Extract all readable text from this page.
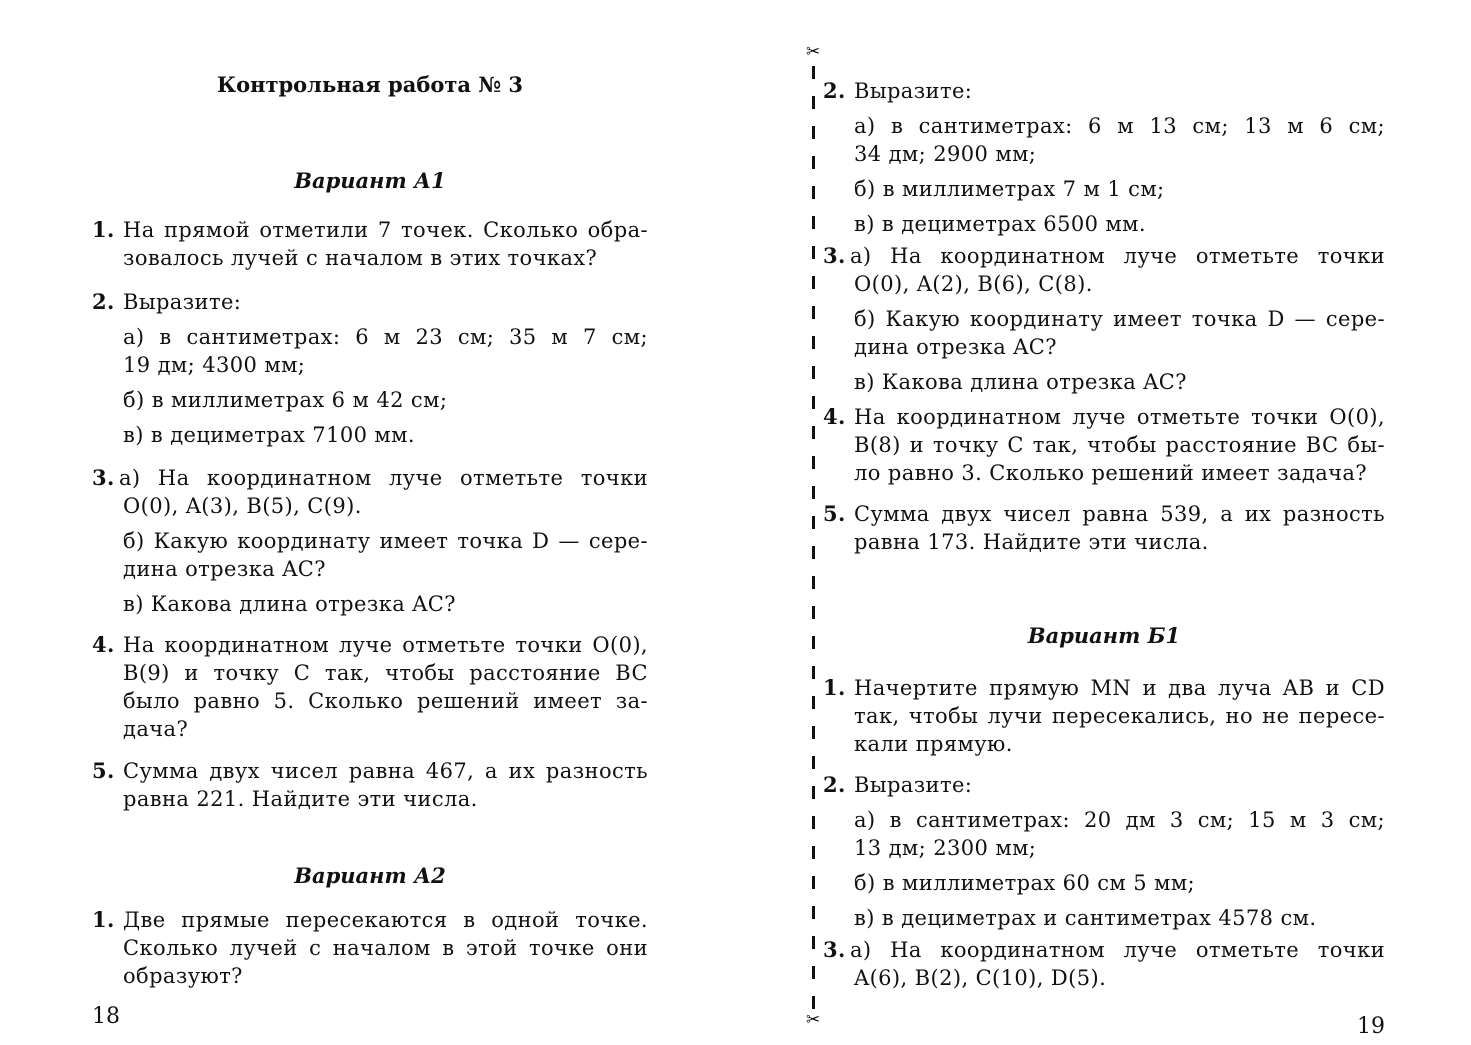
Контрольная работа № 3
Вариант А1
1. На прямой отметили 7 точек. Сколько обра-
зовалось лучей с началом в этих точках?
2. Выразите:
а) в сантиметрах: 6 м 23 см; 35 м 7 см;
19 дм; 4300 мм;
б) в миллиметрах 6 м 42 см;
в) в дециметрах 7100 мм.
3. а) На координатном луче отметьте точки
O(0), A(3), B(5), C(9).
б) Какую координату имеет точка D — сере-
дина отрезка AC?
в) Какова длина отрезка AC?
4. На координатном луче отметьте точки O(0),
B(9) и точку C так, чтобы расстояние BC
было равно 5. Сколько решений имеет за-
дача?
5. Сумма двух чисел равна 467, а их разность
равна 221. Найдите эти числа.
Вариант А2
1. Две прямые пересекаются в одной точке.
Сколько лучей с началом в этой точке они
образуют?
18
✂
✂
2. Выразите:
а) в сантиметрах: 6 м 13 см; 13 м 6 см;
34 дм; 2900 мм;
б) в миллиметрах 7 м 1 см;
в) в дециметрах 6500 мм.
3. а) На координатном луче отметьте точки
O(0), A(2), B(6), C(8).
б) Какую координату имеет точка D — сере-
дина отрезка AC?
в) Какова длина отрезка AC?
4. На координатном луче отметьте точки O(0),
B(8) и точку C так, чтобы расстояние BC бы-
ло равно 3. Сколько решений имеет задача?
5. Сумма двух чисел равна 539, а их разность
равна 173. Найдите эти числа.
Вариант Б1
1. Начертите прямую MN и два луча AB и CD
так, чтобы лучи пересекались, но не пересе-
кали прямую.
2. Выразите:
а) в сантиметрах: 20 дм 3 см; 15 м 3 см;
13 дм; 2300 мм;
б) в миллиметрах 60 см 5 мм;
в) в дециметрах и сантиметрах 4578 см.
3. а) На координатном луче отметьте точки
A(6), B(2), C(10), D(5).
19
